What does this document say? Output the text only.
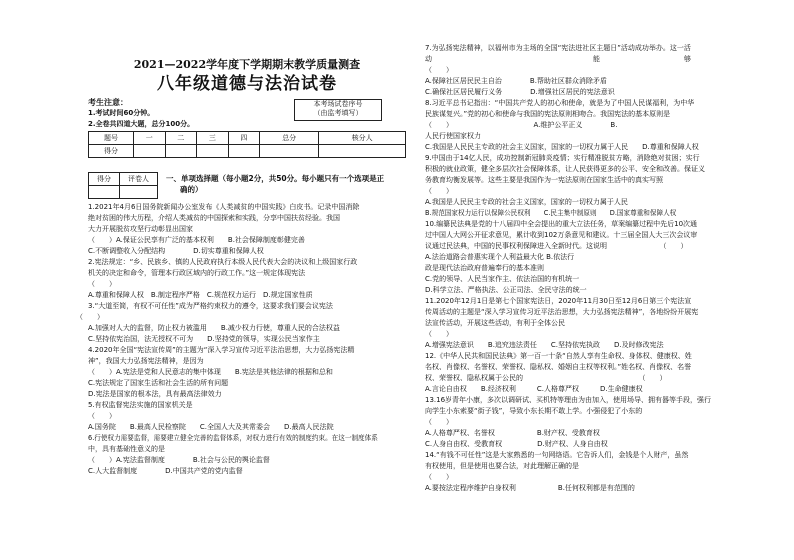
2021—2022学年度下学期期末教学质量测查
八年级道德与法治试卷
考生注意：
1.考试时间60分钟。
2.全卷共四道大题，总分100分。
本考场试卷序号
（由监考填写）
题号	一	二	三	四	总分	核分人
得分						
得分	评卷人
	一、单项选择题（每小题2分，共50分。每小题只有一个选项是正
确的）
1.2021年4月6日国务院新闻办公室发布《人类减贫的中国实践》白皮书。记录中国消除
绝对贫困的伟大历程，介绍人类减贫的中国探索和实践，分享中国扶贫经验。我国
大力开展脱贫攻坚行动彰显出国家
（　　）A.保证公民享有广泛的基本权利　　B.社会保障制度彰健完善
C.不断调整收入分配结构　　　　D.切实尊重和保障人权
2.宪法规定：“乡、民族乡、镇的人民政府执行本级人民代表大会的决议和上级国家行政
机关的决定和命令，管理本行政区域内的行政工作。”这一规定体现宪法
（　　）
A.尊重和保障人权　B.制定程序严格　C.规范权力运行　D.规定国家性质
3.“大道至简，有权不可任性”成为严格约束权力的遵令，这要求我们要会议宪法
（　　）
A.加强对人大的监督，防止权力被滥用　　B.减少权力行使，尊重人民的合法权益
C.坚持依宪治国，法无授权不可为　　D.坚持党的领导，实现公民当家作主
4.2020年全国“宪法宣传周”的主题为“深入学习宣传习近平法治思想，大力弘扬宪法精
神”，我国大力弘扬宪法精神，是因为
（　　）A.宪法是党和人民意志的集中体现　　B.宪法是其他法律的根据和总和
C.宪法规定了国家生活和社会生活的所有问题
D.宪法是国家的根本法，具有最高法律效力
5.有权监督宪法实施的国家机关是
（　　）
A.国务院　　B.最高人民检察院　　C.全国人大及其常委会　　D.最高人民法院
6.行使权力需要监督，需要建立健全完善的监督体系，对权力进行有效的制度约束。在这一制度体系
中，具有基础性意义的是
（　　）A.宪法监督制度　　　　B.社会与公民的舆论监督
C.人大监督制度　　　　D.中国共产党的党内监督
7.为弘扬宪法精神，以福州市为主场的全国“宪法进社区主题日”活动成功举办。这一活
动　　　　　　　　　　　　　　　　　　　　　　　能　　　　　　　　　　　　够
（　　）
A.保障社区居民民主自治　　　　B.帮助社区群众消除矛盾
C.确保社区居民履行义务　　　　D.增强社区居民的宪法意识
8.习近平总书记指出：“中国共产党人的初心和使命，就是为了中国人民谋福利，为中华
民族谋复兴。”党的初心和使命与我国的宪法原则相吻合。我国宪法的基本原则是
（　　）　　　　　　　　　　　　A.维护公平正义　　　　B.
人民行使国家权力
C.我国是人民民主专政的社会主义国家，国家的一切权力属于人民　　D.尊重和保障人权
9.中国由于14亿人民，成功控制新冠肺炎疫情；实行精准脱贫方略，消除绝对贫困；实行
积极的就业政策，健全多层次社会保障体系，让人民获得更多的公平、安全和改善。保证义
务教育均衡发展等。这些主要是我国作为一宪法原则在国家生活中的真实写照
（　　）
A.我国是人民民主专政的社会主义国家，国家的一切权力属于人民
B.规范国家权力运行以保障公民权利　　C.民主集中制原则　　D.国家尊重和保障人权
10.编纂民法典是党的十八届四中全会提出的重大立法任务，草案编纂过程中先后10次通
过中国人大网公开征求意见，累计收到102万条意见和建议。十三届全国人大三次会议审
议通过民法典，中国的民事权利保障进入全新时代。这说明　　　　　　　　（　　）
A.法治道路会普惠实现个人利益最大化 B.依法行
政是现代法治政府普遍奉行的基本准则
C.党的领导、人民当家作主、依法治国的有机统一
D.科学立法、严格执法、公正司法、全民守法的统一
11.2020年12月1日是第七个国家宪法日，2020年11月30日至12月6日第三个宪法宣
传周活动的主题是“深入学习宣传习近平法治思想，大力弘扬宪法精神”，各地纷纷开展宪
法宣传活动，开展这些活动，有利于全体公民
（　　）
A.增强宪法意识　　B.追究违法责任　　C.坚持依宪执政　　D.及时修改宪法
12.《中华人民共和国民法典》第一百一十条“自然人享有生命权、身体权、健康权、姓
名权、肖像权、名誉权、荣誉权、隐私权、婚姻自主权等权利。”姓名权、肖像权、名誉
权、荣誉权、隐私权属于公民的　　　　　　　　　　　　　　　　　（　　）
A.言论自由权　　B.经济权利　　　C.人格尊严权　　　D.生命健康权
13.16岁青年小康，多次以调研试、买机特等理由为由加入，使用场导、拥有器等手段，强行
向学生小东索要“街子钱”，导致小东长期不敢上学。小强侵犯了小东的
（　　）
A.人格尊严权、名誉权　　　　　　B.财产权、受教育权
C.人身自由权、受教育权　　　　　D.财产权、人身自由权
14.“有钱不可任性”这是大家熟悉的一句网络语。它告诉人们，金钱是个人财产，虽然
有权使用，但是使用也要合法，对此理解正确的是
（　　）
A.要按法定程序维护自身权利　　　　　　B.任何权利都是有范围的
